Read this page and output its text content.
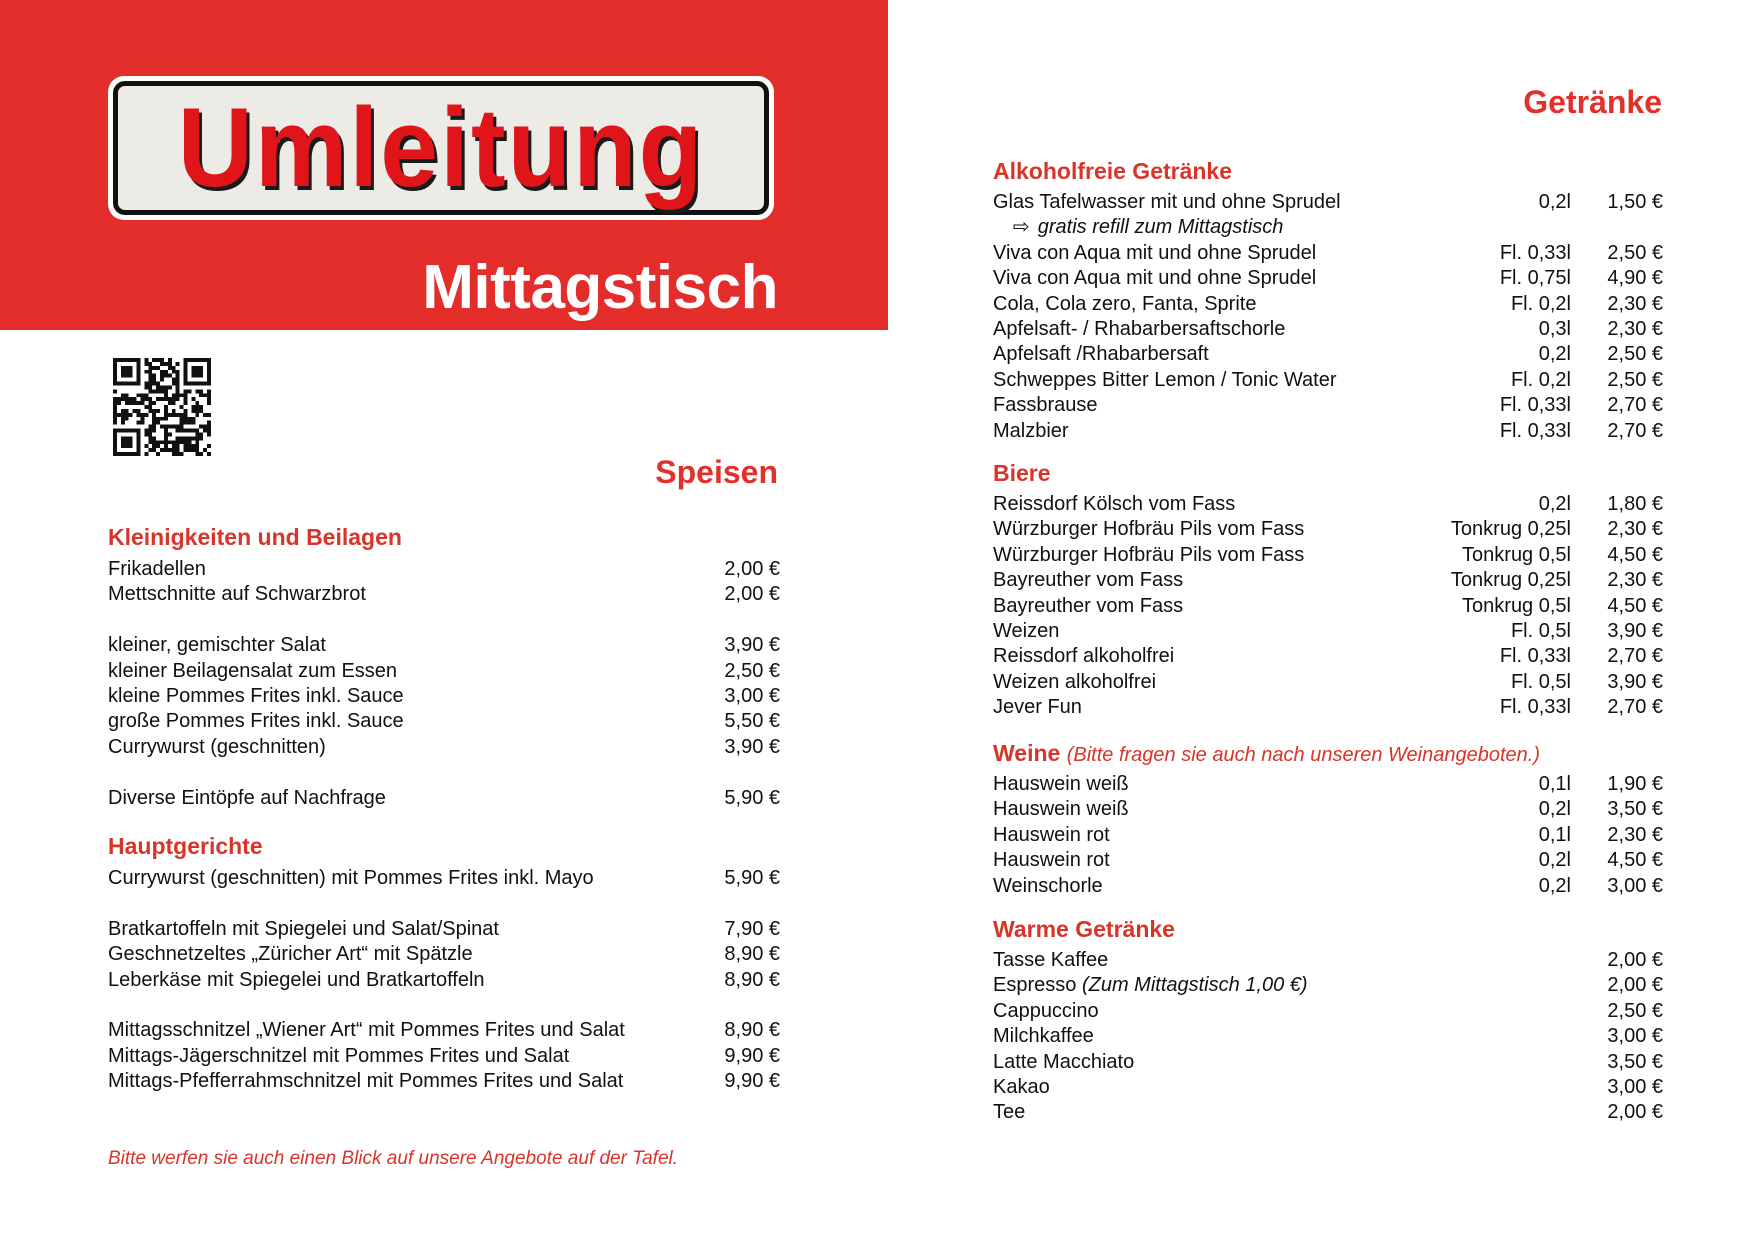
Umleitung
Mittagstisch
Speisen
Kleinigkeiten und Beilagen
Frikadellen	2,00 €
Mettschnitte auf Schwarzbrot	2,00 €
kleiner, gemischter Salat	3,90 €
kleiner Beilagensalat zum Essen	2,50 €
kleine Pommes Frites inkl. Sauce	3,00 €
große Pommes Frites inkl. Sauce	5,50 €
Currywurst (geschnitten)	3,90 €
Diverse Eintöpfe auf Nachfrage	5,90 €
Hauptgerichte
Currywurst (geschnitten) mit Pommes Frites inkl. Mayo	5,90 €
Bratkartoffeln mit Spiegelei und Salat/Spinat	7,90 €
Geschnetzeltes „Züricher Art“ mit Spätzle	8,90 €
Leberkäse mit Spiegelei und Bratkartoffeln	8,90 €
Mittagsschnitzel „Wiener Art“ mit Pommes Frites und Salat	8,90 €
Mittags-Jägerschnitzel mit Pommes Frites und Salat	9,90 €
Mittags-Pfefferrahmschnitzel mit Pommes Frites und Salat	9,90 €

Bitte werfen sie auch einen Blick auf unsere Angebote auf der Tafel.

Getränke
Alkoholfreie Getränke
Glas Tafelwasser mit und ohne Sprudel	0,2l 1,50 €
⇨ gratis refill zum Mittagstisch
Viva con Aqua mit und ohne Sprudel	Fl. 0,33l 2,50 €
Viva con Aqua mit und ohne Sprudel	Fl. 0,75l 4,90 €
Cola, Cola zero, Fanta, Sprite	Fl. 0,2l 2,30 €
Apfelsaft- / Rhabarbersaftschorle	0,3l 2,30 €
Apfelsaft /Rhabarbersaft	0,2l 2,50 €
Schweppes Bitter Lemon / Tonic Water	Fl. 0,2l 2,50 €
Fassbrause	Fl. 0,33l 2,70 €
Malzbier	Fl. 0,33l 2,70 €
Biere
Reissdorf Kölsch vom Fass	0,2l 1,80 €
Würzburger Hofbräu Pils vom Fass	Tonkrug 0,25l 2,30 €
Würzburger Hofbräu Pils vom Fass	Tonkrug 0,5l 4,50 €
Bayreuther vom Fass	Tonkrug 0,25l 2,30 €
Bayreuther vom Fass	Tonkrug 0,5l 4,50 €
Weizen	Fl. 0,5l 3,90 €
Reissdorf alkoholfrei	Fl. 0,33l 2,70 €
Weizen alkoholfrei	Fl. 0,5l 3,90 €
Jever Fun	Fl. 0,33l 2,70 €
Weine (Bitte fragen sie auch nach unseren Weinangeboten.)
Hauswein weiß	0,1l 1,90 €
Hauswein weiß	0,2l 3,50 €
Hauswein rot	0,1l 2,30 €
Hauswein rot	0,2l 4,50 €
Weinschorle	0,2l 3,00 €
Warme Getränke
Tasse Kaffee	2,00 €
Espresso (Zum Mittagstisch 1,00 €)	2,00 €
Cappuccino	2,50 €
Milchkaffee	3,00 €
Latte Macchiato	3,50 €
Kakao	3,00 €
Tee	2,00 €
